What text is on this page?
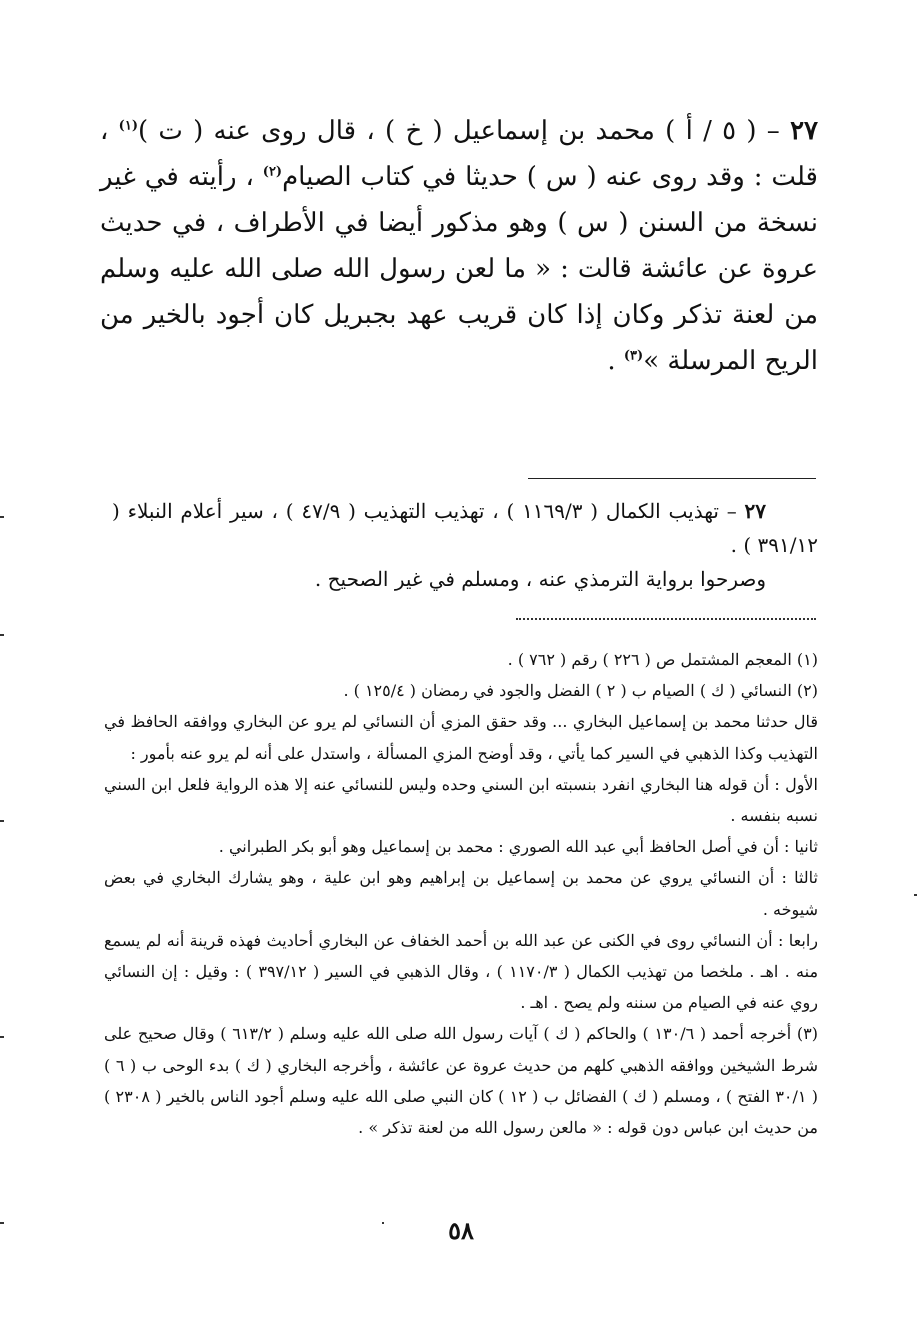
٢٧ – ( ٥ / أ ) محمد بن إسماعيل ( خ ) ، قال روى عنه ( ت )$^{(١)}$ ، قلت : وقد روى عنه ( س ) حديثا في كتاب الصيام$^{(٢)}$ ، رأيته في غير نسخة من السنن ( س ) وهو مذكور أيضا في الأطراف ، في حديث عروة عن عائشة قالت : « ما لعن رسول الله صلى الله عليه وسلم من لعنة تذكر وكان إذا كان قريب عهد بجبريل كان أجود بالخير من الريح المرسلة »$^{(٣)}$ .

٢٧ – تهذيب الكمال ( ١١٦٩/٣ ) ، تهذيب التهذيب ( ٤٧/٩ ) ، سير أعلام النبلاء ( ٣٩١/١٢ ) .

وصرحوا برواية الترمذي عنه ، ومسلم في غير الصحيح .

(١) المعجم المشتمل ص ( ٢٢٦ ) رقم ( ٧٦٢ ) .

(٢) النسائي ( ك ) الصيام ب ( ٢ ) الفضل والجود في رمضان ( ١٢٥/٤ ) .

قال حدثنا محمد بن إسماعيل البخاري ... وقد حقق المزي أن النسائي لم يرو عن البخاري ووافقه الحافظ في التهذيب وكذا الذهبي في السير كما يأتي ، وقد أوضح المزي المسألة ، واستدل على أنه لم يرو عنه بأمور :

الأول : أن قوله هنا البخاري انفرد بنسبته ابن السني وحده وليس للنسائي عنه إلا هذه الرواية فلعل ابن السني نسبه بنفسه .

ثانيا : أن في أصل الحافظ أبي عبد الله الصوري : محمد بن إسماعيل وهو أبو بكر الطبراني .

ثالثا : أن النسائي يروي عن محمد بن إسماعيل بن إبراهيم وهو ابن علية ، وهو يشارك البخاري في بعض شيوخه .

رابعا : أن النسائي روى في الكنى عن عبد الله بن أحمد الخفاف عن البخاري أحاديث فهذه قرينة أنه لم يسمع منه . اهـ . ملخصا من تهذيب الكمال ( ١١٧٠/٣ ) ، وقال الذهبي في السير ( ٣٩٧/١٢ ) : وقيل : إن النسائي روي عنه في الصيام من سننه ولم يصح . اهـ .

(٣) أخرجه أحمد ( ١٣٠/٦ ) والحاكم ( ك ) آيات رسول الله صلى الله عليه وسلم ( ٦١٣/٢ ) وقال صحيح على شرط الشيخين ووافقه الذهبي كلهم من حديث عروة عن عائشة ، وأخرجه البخاري ( ك ) بدء الوحى ب ( ٦ ) ( ٣٠/١ الفتح ) ، ومسلم ( ك ) الفضائل ب ( ١٢ ) كان النبي صلى الله عليه وسلم أجود الناس بالخير ( ٢٣٠٨ ) من حديث ابن عباس دون قوله : « مالعن رسول الله من لعنة تذكر » .

٥٨
